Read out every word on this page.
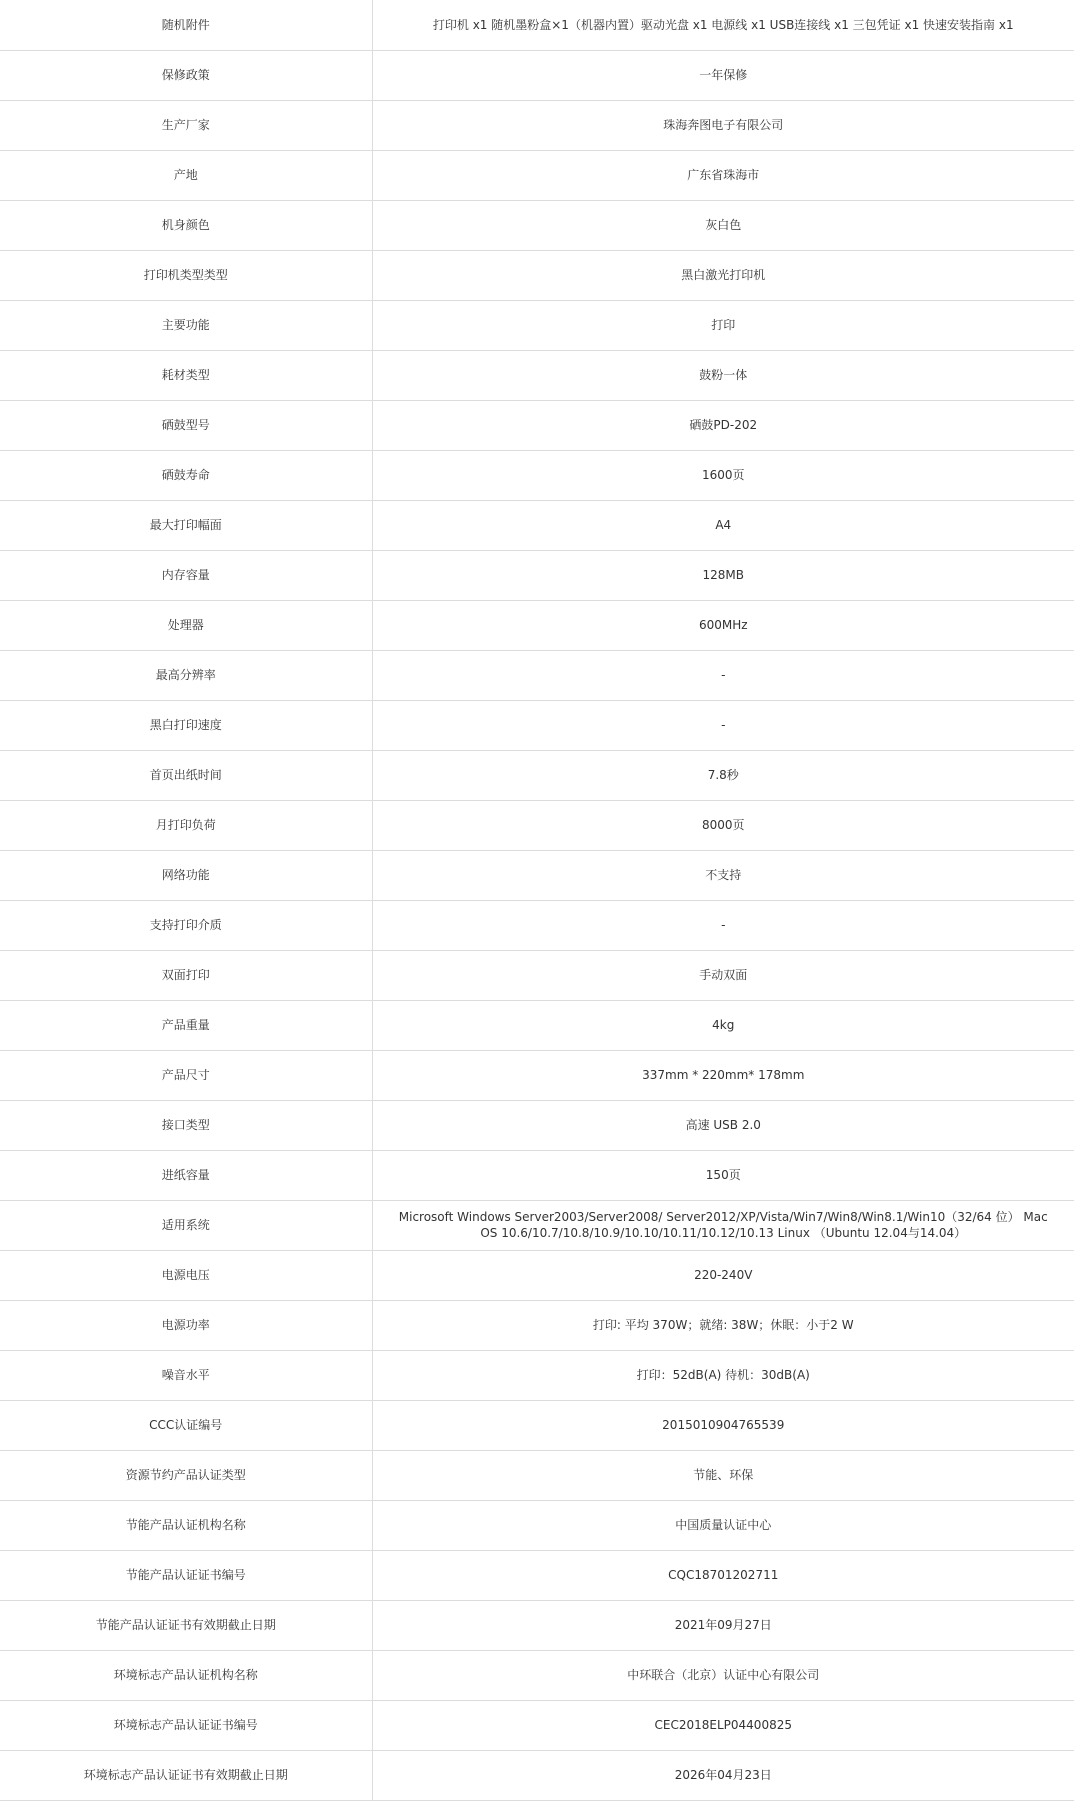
随机附件	打印机 x1 随机墨粉盒×1（机器内置）驱动光盘 x1 电源线 x1 USB连接线 x1 三包凭证 x1 快速安装指南 x1
保修政策	一年保修
生产厂家	珠海奔图电子有限公司
产地	广东省珠海市
机身颜色	灰白色
打印机类型类型	黑白激光打印机
主要功能	打印
耗材类型	鼓粉一体
硒鼓型号	硒鼓PD-202
硒鼓寿命	1600页
最大打印幅面	A4
内存容量	128MB
处理器	600MHz
最高分辨率	-
黑白打印速度	-
首页出纸时间	7.8秒
月打印负荷	8000页
网络功能	不支持
支持打印介质	-
双面打印	手动双面
产品重量	4kg
产品尺寸	337mm * 220mm* 178mm
接口类型	高速 USB 2.0
进纸容量	150页
适用系统	Microsoft Windows Server2003/Server2008/ Server2012/XP/Vista/Win7/Win8/Win8.1/Win10（32/64 位） Mac OS 10.6/10.7/10.8/10.9/10.10/10.11/10.12/10.13 Linux （Ubuntu 12.04与14.04）
电源电压	220-240V
电源功率	打印: 平均 370W；就绪: 38W；休眠：小于2 W
噪音水平	打印：52dB(A) 待机：30dB(A)
CCC认证编号	2015010904765539
资源节约产品认证类型	节能、环保
节能产品认证机构名称	中国质量认证中心
节能产品认证证书编号	CQC18701202711
节能产品认证证书有效期截止日期	2021年09月27日
环境标志产品认证机构名称	中环联合（北京）认证中心有限公司
环境标志产品认证证书编号	CEC2018ELP04400825
环境标志产品认证证书有效期截止日期	2026年04月23日
